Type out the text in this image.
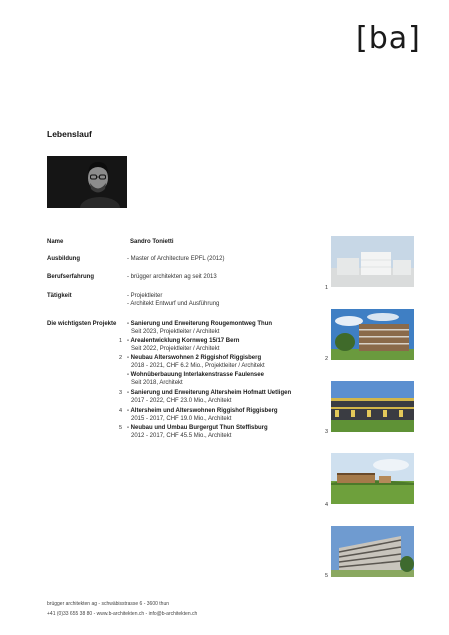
[ba]
Lebenslauf
Name	Sandro Tonietti
Ausbildung	- Master of Architecture EPFL (2012)
Berufserfahrung	- brügger architekten ag seit 2013
Tätigkeit	- Projektleiter
- Architekt Entwurf und Ausführung
Die wichtigsten Projekte - Sanierung und Erweiterung Rougemontweg Thun
Seit 2023, Projektleiter / Architekt
1 - Arealentwicklung Kornweg 15/17 Bern
Seit 2022, Projektleiter / Architekt
2 - Neubau Alterswohnen 2 Riggishof Riggisberg
2018 - 2021, CHF 6.2 Mio., Projektleiter / Architekt
- Wohnüberbauung Interlakenstrasse Faulensee
Seit 2018, Architekt
3 - Sanierung und Erweiterung Altersheim Hofmatt Uetligen
2017 - 2022, CHF 23.0 Mio., Architekt
4 - Altersheim und Alterswohnen Riggishof Riggisberg
2015 - 2017, CHF 19.0 Mio., Architekt
5 - Neubau und Umbau Burgergut Thun Steffisburg
2012 - 2017, CHF 45.5 Mio., Architekt
1
2
3
4
5
brügger architekten ag - schwäbisstrasse 6 - 3600 thun
+41 (0)33 655 38 80 - www.b-architekten.ch - info@b-architekten.ch
